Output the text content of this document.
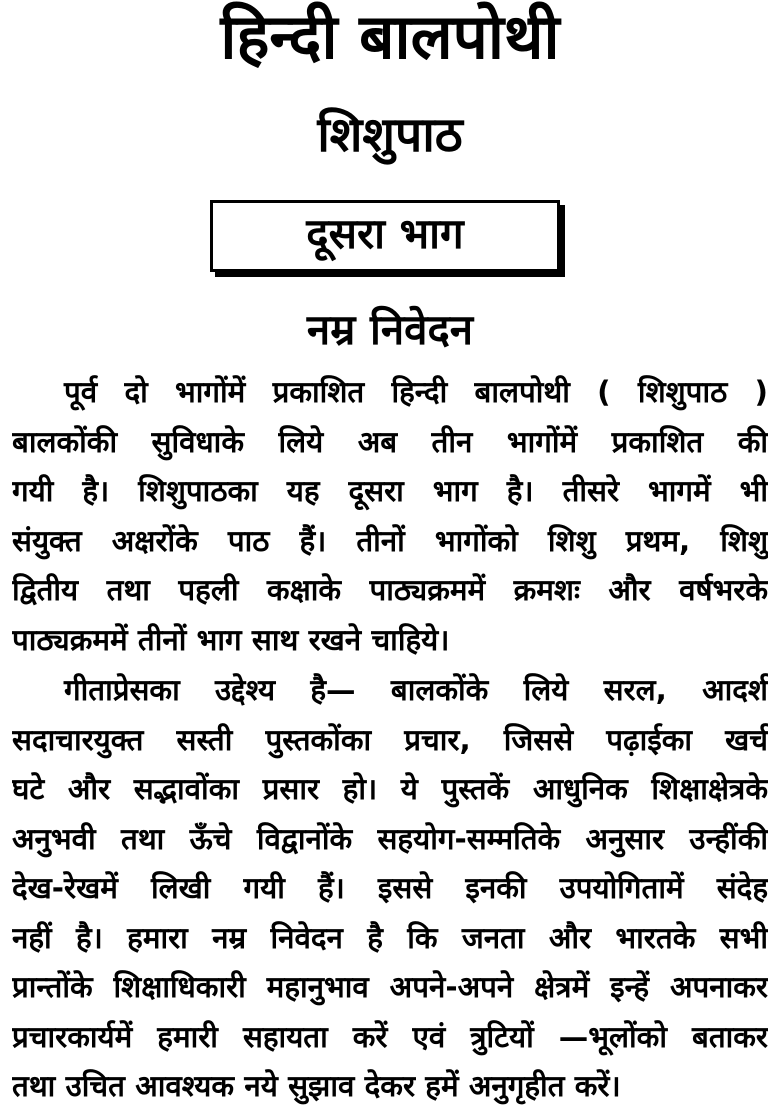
हिन्दी बालपोथी
शिशुपाठ
दूसरा भाग
नम्र निवेदन
पूर्व दो भागोंमें प्रकाशित हिन्दी बालपोथी ( शिशुपाठ )
बालकोंकी सुविधाके लिये अब तीन भागोंमें प्रकाशित की
गयी है। शिशुपाठका यह दूसरा भाग है। तीसरे भागमें भी
संयुक्त अक्षरोंके पाठ हैं। तीनों भागोंको शिशु प्रथम, शिशु
द्वितीय तथा पहली कक्षाके पाठ्यक्रममें क्रमशः और वर्षभरके
पाठ्यक्रममें तीनों भाग साथ रखने चाहिये।
गीताप्रेसका उद्देश्य है— बालकोंके लिये सरल, आदर्श
सदाचारयुक्त सस्ती पुस्तकोंका प्रचार, जिससे पढ़ाईका खर्च
घटे और सद्भावोंका प्रसार हो। ये पुस्तकें आधुनिक शिक्षाक्षेत्रके
अनुभवी तथा ऊँचे विद्वानोंके सहयोग-सम्मतिके अनुसार उन्हींकी
देख-रेखमें लिखी गयी हैं। इससे इनकी उपयोगितामें संदेह
नहीं है। हमारा नम्र निवेदन है कि जनता और भारतके सभी
प्रान्तोंके शिक्षाधिकारी महानुभाव अपने-अपने क्षेत्रमें इन्हें अपनाकर
प्रचारकार्यमें हमारी सहायता करें एवं त्रुटियों —भूलोंको बताकर
तथा उचित आवश्यक नये सुझाव देकर हमें अनुगृहीत करें।
